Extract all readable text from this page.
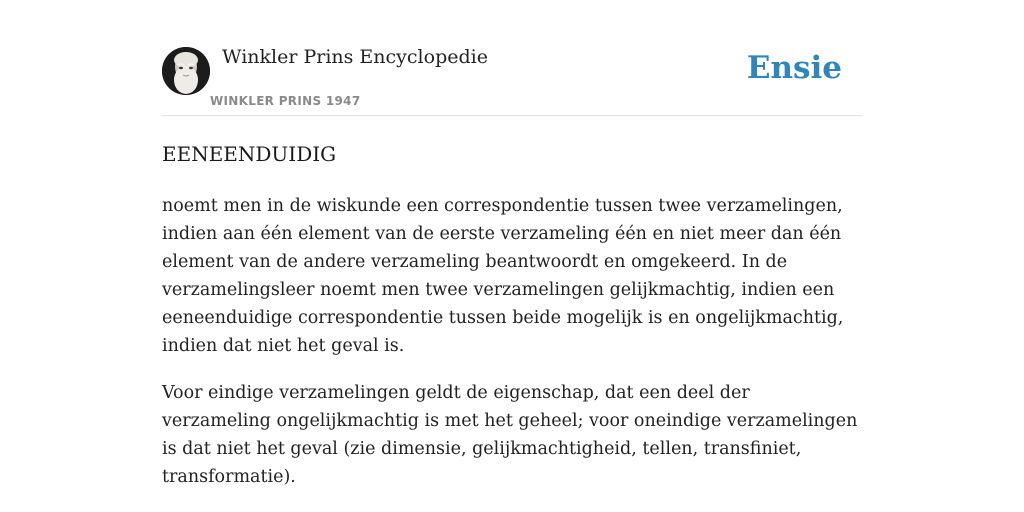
Winkler Prins Encyclopedie
WINKLER PRINS 1947
Ensie
EENEENDUIDIG

noemt men in de wiskunde een correspondentie tussen twee verzamelingen, indien aan één element van de eerste verzameling één en niet meer dan één element van de andere verzameling beantwoordt en omgekeerd. In de verzamelingsleer noemt men twee verzamelingen gelijkmachtig, indien een eeneenduidige correspondentie tussen beide mogelijk is en ongelijkmachtig, indien dat niet het geval is.

Voor eindige verzamelingen geldt de eigenschap, dat een deel der verzameling ongelijkmachtig is met het geheel; voor oneindige verzamelingen is dat niet het geval (zie dimensie, gelijkmachtigheid, tellen, transfiniet, transformatie).
